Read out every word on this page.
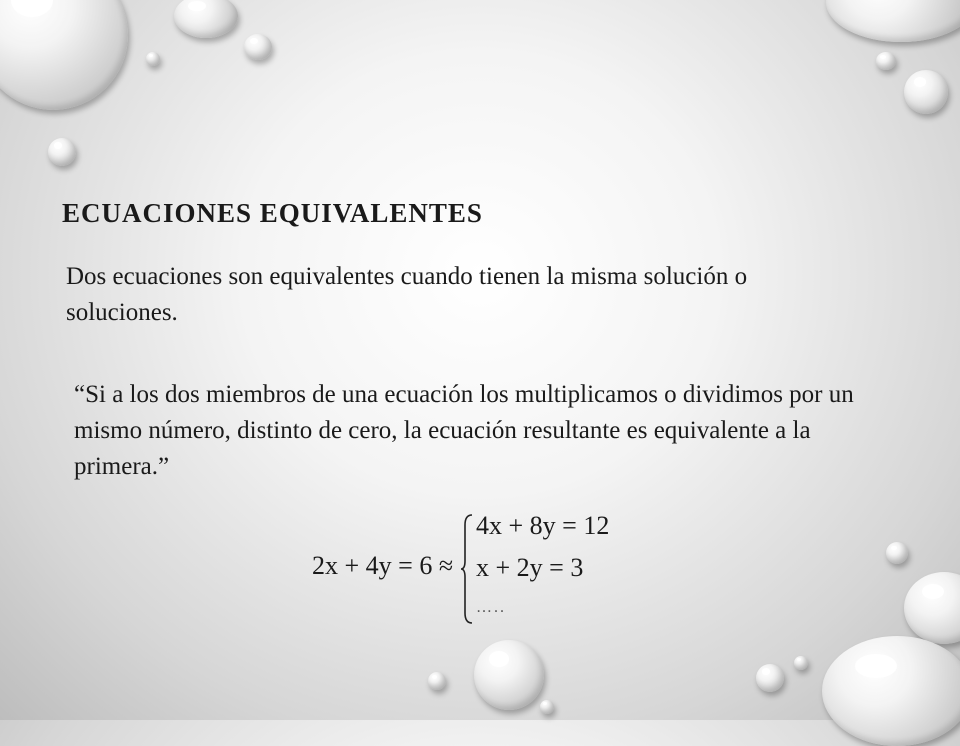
ECUACIONES EQUIVALENTES

Dos ecuaciones son equivalentes cuando tienen la misma solución o soluciones.

“Si a los dos miembros de una ecuación los multiplicamos o dividimos por un mismo número, distinto de cero, la ecuación resultante es equivalente a la primera.”

2x + 4y = 6 ≈
4x + 8y = 12
x + 2y = 3
…..
